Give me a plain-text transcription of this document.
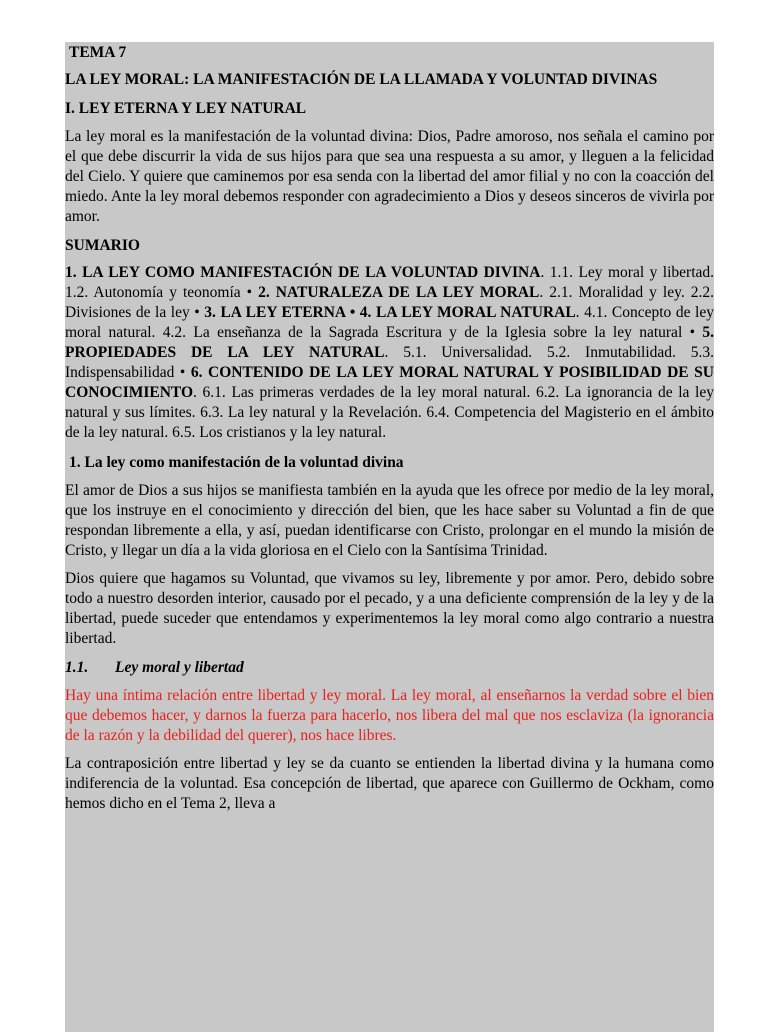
TEMA 7

LA LEY MORAL: LA MANIFESTACIÓN DE LA LLAMADA Y VOLUNTAD DIVINAS

I. LEY ETERNA Y LEY NATURAL

La ley moral es la manifestación de la voluntad divina: Dios, Padre amoroso, nos señala el camino por el que debe discurrir la vida de sus hijos para que sea una respuesta a su amor, y lleguen a la felicidad del Cielo. Y quiere que caminemos por esa senda con la libertad del amor filial y no con la coacción del miedo. Ante la ley moral debemos responder con agradecimiento a Dios y deseos sinceros de vivirla por amor.

SUMARIO

1. LA LEY COMO MANIFESTACIÓN DE LA VOLUNTAD DIVINA. 1.1. Ley moral y libertad. 1.2. Autonomía y teonomía • 2. NATURALEZA DE LA LEY MORAL. 2.1. Moralidad y ley. 2.2. Divisiones de la ley • 3. LA LEY ETERNA • 4. LA LEY MORAL NATURAL. 4.1. Concepto de ley moral natural. 4.2. La enseñanza de la Sagrada Escritura y de la Iglesia sobre la ley natural • 5. PROPIEDADES DE LA LEY NATURAL. 5.1. Universalidad. 5.2. Inmutabilidad. 5.3. Indispensabilidad • 6. CONTENIDO DE LA LEY MORAL NATURAL Y POSIBILIDAD DE SU CONOCIMIENTO. 6.1. Las primeras verdades de la ley moral natural. 6.2. La ignorancia de la ley natural y sus límites. 6.3. La ley natural y la Revelación. 6.4. Competencia del Magisterio en el ámbito de la ley natural. 6.5. Los cristianos y la ley natural.

1. La ley como manifestación de la voluntad divina

El amor de Dios a sus hijos se manifiesta también en la ayuda que les ofrece por medio de la ley moral, que los instruye en el conocimiento y dirección del bien, que les hace saber su Voluntad a fin de que respondan libremente a ella, y así, puedan identificarse con Cristo, prolongar en el mundo la misión de Cristo, y llegar un día a la vida gloriosa en el Cielo con la Santísima Trinidad.

Dios quiere que hagamos su Voluntad, que vivamos su ley, libremente y por amor. Pero, debido sobre todo a nuestro desorden interior, causado por el pecado, y a una deficiente comprensión de la ley y de la libertad, puede suceder que entendamos y experimentemos la ley moral como algo contrario a nuestra libertad.

1.1. Ley moral y libertad

Hay una íntima relación entre libertad y ley moral. La ley moral, al enseñarnos la verdad sobre el bien que debemos hacer, y darnos la fuerza para hacerlo, nos libera del mal que nos esclaviza (la ignorancia de la razón y la debilidad del querer), nos hace libres.

La contraposición entre libertad y ley se da cuanto se entienden la libertad divina y la humana como indiferencia de la voluntad. Esa concepción de libertad, que aparece con Guillermo de Ockham, como hemos dicho en el Tema 2, lleva a
